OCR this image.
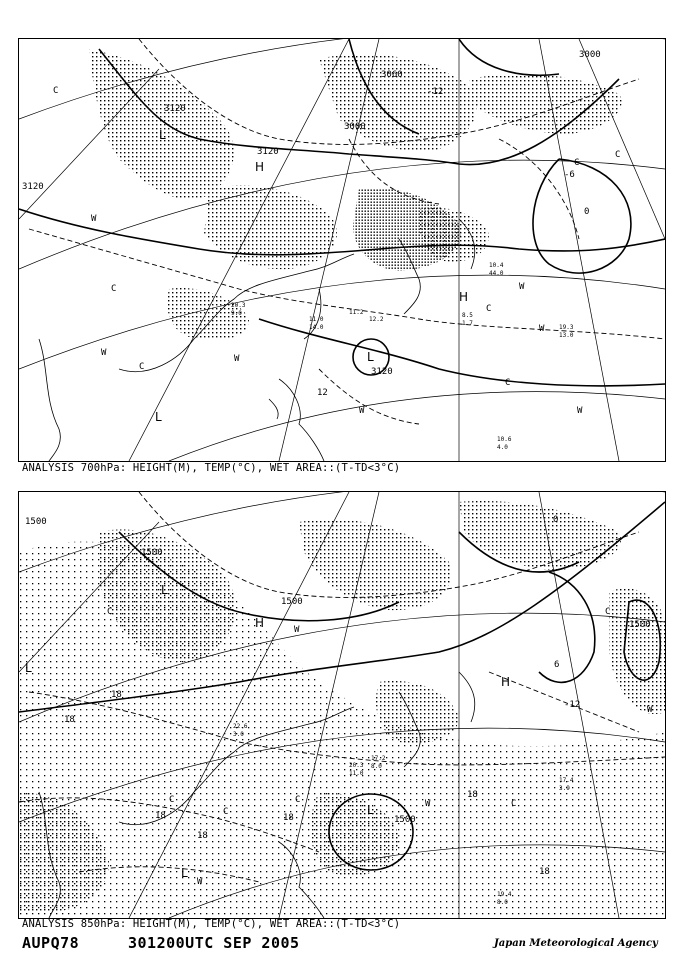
3120
3120
3120
3060
3000
3120
3000
-12
12
-6
0
H
H
L
L
L
W
W
W
W
W
W
W
C
C
C
C
C
C
C
10.4
44.0
19.3
13.0
11.2
12.2
10.6
4.0
8.5
1.7
11.0
14.0
20.3
9.0
ANALYSIS 700hPa: HEIGHT(M), TEMP(°C), WET AREA::(T-TD<3°C)
1500
1500
1500
1500
1500
18
18
18
18
18
18
18
-12
6
0
H
H
L
L
L
L
W
W
W
W
C
C
C
C	C
C
17.4
3.9
19.4
8.0
20.3
11.0
17.2
8.0
22.6
3.0
ANALYSIS 850hPa: HEIGHT(M), TEMP(°C), WET AREA::(T-TD<3°C)
AUPQ78	301200UTC SEP 2005	Japan Meteorological Agency
